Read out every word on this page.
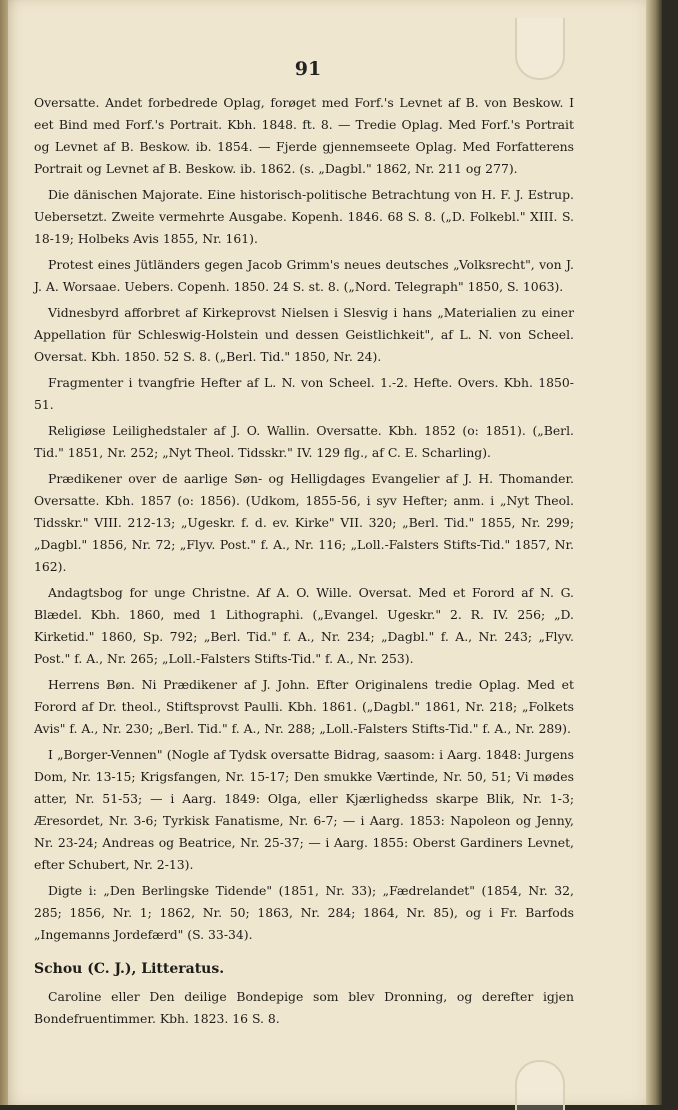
91

Oversatte. Andet forbedrede Oplag, forøget med Forf.'s Levnet af B. von Beskow. I eet Bind med Forf.'s Portrait. Kbh. 1848. ft. 8. — Tredie Oplag. Med Forf.'s Portrait og Levnet af B. Beskow. ib. 1854. — Fjerde gjennemseete Oplag. Med Forfatterens Portrait og Levnet af B. Beskow. ib. 1862. (s. „Dagbl." 1862, Nr. 211 og 277).

Die dänischen Majorate. Eine historisch-politische Betrachtung von H. F. J. Estrup. Uebersetzt. Zweite vermehrte Ausgabe. Kopenh. 1846. 68 S. 8. („D. Folkebl." XIII. S. 18-19; Holbeks Avis 1855, Nr. 161).

Protest eines Jütländers gegen Jacob Grimm's neues deutsches „Volksrecht", von J. J. A. Worsaae. Uebers. Copenh. 1850. 24 S. st. 8. („Nord. Telegraph" 1850, S. 1063).

Vidnesbyrd afforbret af Kirkeprovst Nielsen i Slesvig i hans „Materialien zu einer Appellation für Schleswig-Holstein und dessen Geistlichkeit", af L. N. von Scheel. Oversat. Kbh. 1850. 52 S. 8. („Berl. Tid." 1850, Nr. 24).

Fragmenter i tvangfrie Hefter af L. N. von Scheel. 1.-2. Hefte. Overs. Kbh. 1850-51.

Religiøse Leilighedstaler af J. O. Wallin. Oversatte. Kbh. 1852 (o: 1851). („Berl. Tid." 1851, Nr. 252; „Nyt Theol. Tidsskr." IV. 129 flg., af C. E. Scharling).

Prædikener over de aarlige Søn- og Helligdages Evangelier af J. H. Thomander. Oversatte. Kbh. 1857 (o: 1856). (Udkom, 1855-56, i syv Hefter; anm. i „Nyt Theol. Tidsskr." VIII. 212-13; „Ugeskr. f. d. ev. Kirke" VII. 320; „Berl. Tid." 1855, Nr. 299; „Dagbl." 1856, Nr. 72; „Flyv. Post." f. A., Nr. 116; „Loll.-Falsters Stifts-Tid." 1857, Nr. 162).

Andagtsbog for unge Christne. Af A. O. Wille. Oversat. Med et Forord af N. G. Blædel. Kbh. 1860, med 1 Lithographi. („Evangel. Ugeskr." 2. R. IV. 256; „D. Kirketid." 1860, Sp. 792; „Berl. Tid." f. A., Nr. 234; „Dagbl." f. A., Nr. 243; „Flyv. Post." f. A., Nr. 265; „Loll.-Falsters Stifts-Tid." f. A., Nr. 253).

Herrens Bøn. Ni Prædikener af J. John. Efter Originalens tredie Oplag. Med et Forord af Dr. theol., Stiftsprovst Paulli. Kbh. 1861. („Dagbl." 1861, Nr. 218; „Folkets Avis" f. A., Nr. 230; „Berl. Tid." f. A., Nr. 288; „Loll.-Falsters Stifts-Tid." f. A., Nr. 289).

I „Borger-Vennen" (Nogle af Tydsk oversatte Bidrag, saasom: i Aarg. 1848: Jurgens Dom, Nr. 13-15; Krigsfangen, Nr. 15-17; Den smukke Værtinde, Nr. 50, 51; Vi mødes atter, Nr. 51-53; — i Aarg. 1849: Olga, eller Kjærlighedss skarpe Blik, Nr. 1-3; Æresordet, Nr. 3-6; Tyrkisk Fanatisme, Nr. 6-7; — i Aarg. 1853: Napoleon og Jenny, Nr. 23-24; Andreas og Beatrice, Nr. 25-37; — i Aarg. 1855: Oberst Gardiners Levnet, efter Schubert, Nr. 2-13).

Digte i: „Den Berlingske Tidende" (1851, Nr. 33); „Fædrelandet" (1854, Nr. 32, 285; 1856, Nr. 1; 1862, Nr. 50; 1863, Nr. 284; 1864, Nr. 85), og i Fr. Barfods „Ingemanns Jordefærd" (S. 33-34).

Schou (C. J.), Litteratus.

Caroline eller Den deilige Bondepige som blev Dronning, og derefter igjen Bondefruentimmer. Kbh. 1823. 16 S. 8.
